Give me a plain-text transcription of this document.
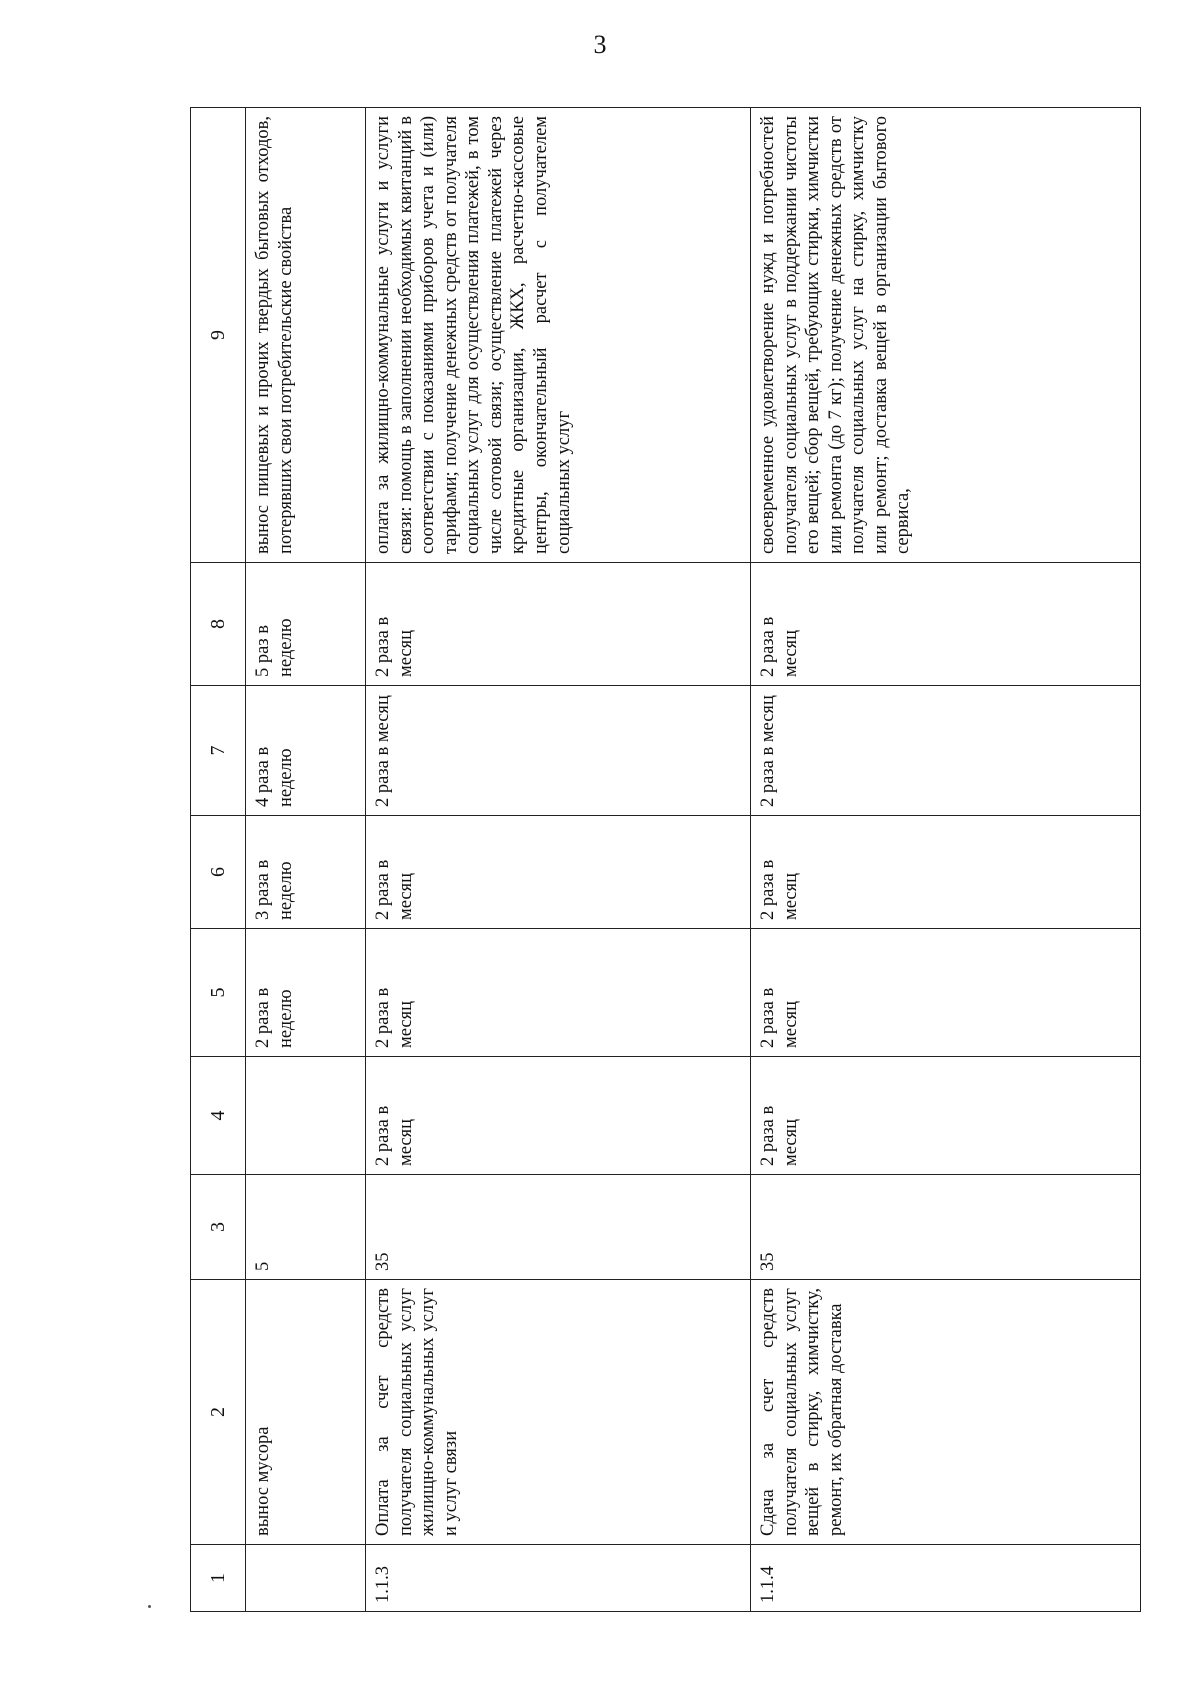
3
1	2	3	4	5	6	7	8	9
	вынос мусора	5		2 раза в неделю	3 раза в неделю	4 раза в неделю	5 раз в неделю	вынос пищевых и прочих твердых бытовых отходов, потерявших свои потребительские свойства
1.1.3	Оплата за счет средств получателя социальных услуг жилищно-коммунальных услуг и услуг связи	35	2 раза в месяц	2 раза в месяц	2 раза в месяц	2 раза в месяц	2 раза в месяц	оплата за жилищно-коммунальные услуги и услуги связи: помощь в заполнении необходимых квитанций в соответствии с показаниями приборов учета и (или) тарифами; получение денежных средств от получателя социальных услуг для осуществления платежей, в том числе сотовой связи; осуществление платежей через кредитные организации, ЖКХ, расчетно-кассовые центры, окончательный расчет с получателем социальных услуг
1.1.4	Сдача за счет средств получателя социальных услуг вещей в стирку, химчистку, ремонт, их обратная доставка	35	2 раза в месяц	2 раза в месяц	2 раза в месяц	2 раза в месяц	2 раза в месяц	своевременное удовлетворение нужд и потребностей получателя социальных услуг в поддержании чистоты его вещей; сбор вещей, требующих стирки, химчистки или ремонта (до 7 кг); получение денежных средств от получателя социальных услуг на стирку, химчистку или ремонт; доставка вещей в организации бытового сервиса,
